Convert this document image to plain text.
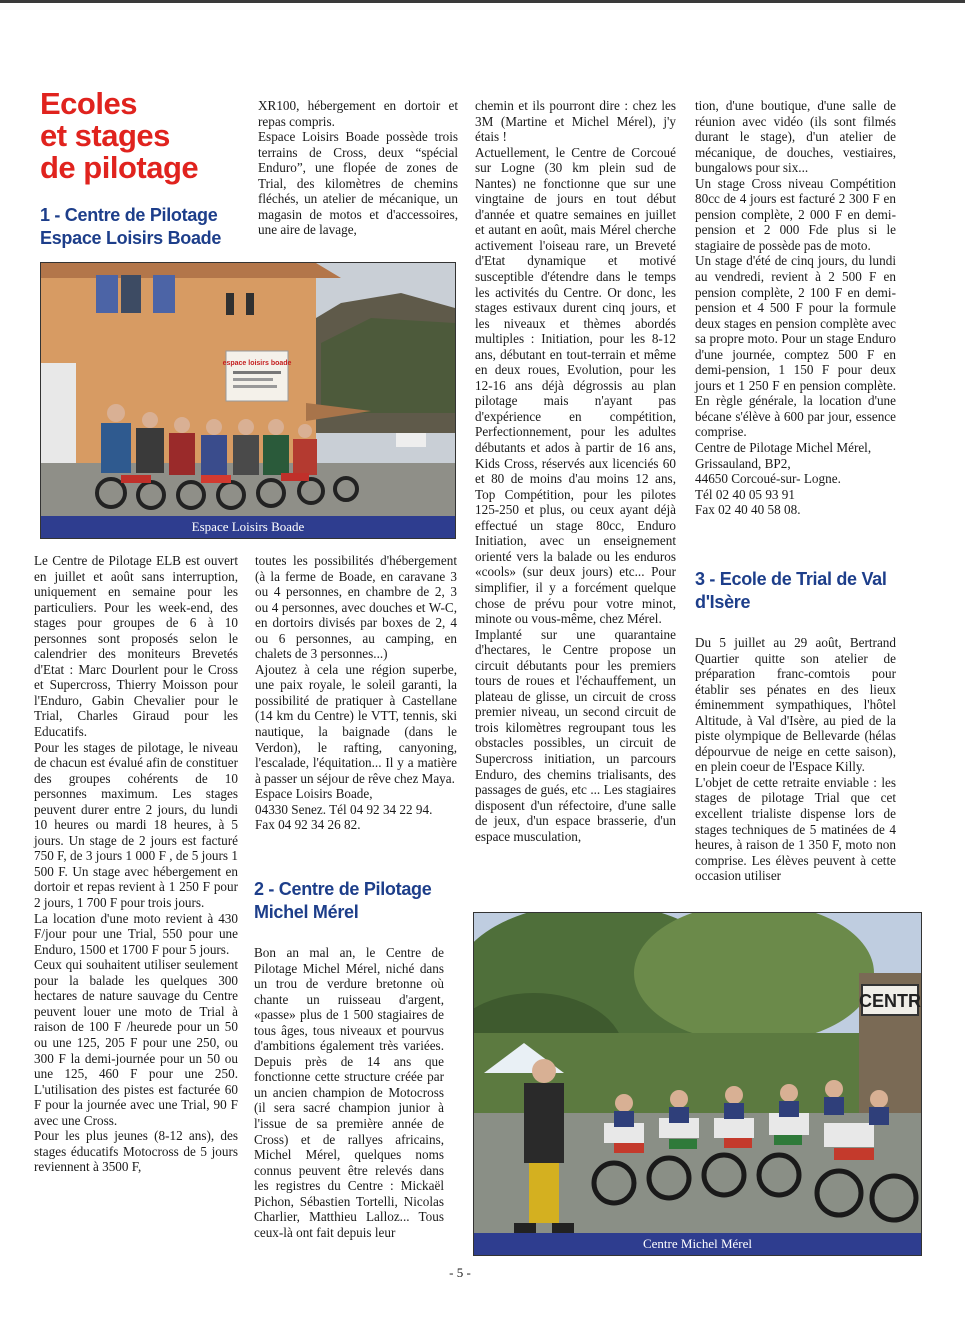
Ecoles
et stages
de pilotage
1 - Centre de Pilotage
Espace Loisirs Boade

XR100, hébergement en dortoir et repas compris.

Espace Loisirs Boade possède trois terrains de Cross, deux “spécial Enduro”, une flopée de zones de Trial, des kilomètres de chemins fléchés, un atelier de mécanique, un magasin de motos et d'accessoires, une aire de lavage,

espace loisirs boade
Espace Loisirs Boade

Le Centre de Pilotage ELB est ouvert en juillet et août sans interruption, uniquement en semaine pour les particuliers. Pour les week-end, des stages pour groupes de 6 à 10 personnes sont proposés selon le calendrier des moniteurs Brevetés d'Etat : Marc Dourlent pour le Cross et Supercross, Thierry Moisson pour l'Enduro, Gabin Chevalier pour le Trial, Charles Giraud pour les Educatifs.

Pour les stages de pilotage, le niveau de chacun est évalué afin de constituer des groupes cohérents de 10 personnes maximum. Les stages peuvent durer entre 2 jours, du lundi 10 heures ou mardi 18 heures, à 5 jours. Un stage de 2 jours est facturé 750 F, de 3 jours 1 000 F , de 5 jours 1 500 F. Un stage avec hébergement en dortoir et repas revient à 1 250 F pour 2 jours, 1 700 F pour trois jours.

La location d'une moto revient à 430 F/jour pour une Trial, 550 pour une Enduro, 1500 et 1700 F pour 5 jours.

Ceux qui souhaitent utiliser seulement pour la balade les quelques 300 hectares de nature sauvage du Centre peuvent louer une moto de Trial à raison de 100 F /heurede pour un 50 ou une 125, 205 F pour une 250, ou 300 F la demi-journée pour un 50 ou une 125, 460 F pour une 250. L'utilisation des pistes est facturée 60 F pour la journée avec une Trial, 90 F avec une Cross.

Pour les plus jeunes (8-12 ans), des stages éducatifs Motocross de 5 jours reviennent à 3500 F,

toutes les possibilités d'hébergement (à la ferme de Boade, en caravane 3 ou 4 personnes, en chambre de 2, 3 ou 4 personnes, avec douches et W-C, en dortoirs divisés par boxes de 2, 4 ou 6 personnes, au camping, en chalets de 3 personnes...)

Ajoutez à cela une région superbe, une paix royale, le soleil garanti, la possibilité de pratiquer à Castellane (14 km du Centre) le VTT, tennis, ski nautique, la baignade (dans le Verdon), le rafting, canyoning, l'escalade, l'équitation... Il y a matière à passer un séjour de rêve chez Maya.

Espace Loisirs Boade,

04330 Senez. Tél 04 92 34 22 94.

Fax 04 92 34 26 82.

2 - Centre de Pilotage
Michel Mérel

Bon an mal an, le Centre de Pilotage Michel Mérel, niché dans un trou de verdure bretonne où chante un ruisseau d'argent, «passe» plus de 1 500 stagiaires de tous âges, tous niveaux et pourvus d'ambitions également très variées. Depuis près de 14 ans que fonctionne cette structure créée par un ancien champion de Motocross (il sera sacré champion junior à l'issue de sa première année de Cross) et de rallyes africains, Michel Mérel, quelques noms connus peuvent être relevés dans les registres du Centre : Mickaël Pichon, Sébastien Tortelli, Nicolas Charlier, Matthieu Lalloz... Tous ceux-là ont fait depuis leur

chemin et ils pourront dire : chez les 3M (Martine et Michel Mérel), j'y étais !

Actuellement, le Centre de Corcoué sur Logne (30 km plein sud de Nantes) ne fonctionne que sur une vingtaine de jours en tout début d'année et quatre semaines en juillet et autant en août, mais Mérel cherche activement l'oiseau rare, un Breveté d'Etat dynamique et motivé susceptible d'étendre dans le temps les activités du Centre. Or donc, les stages estivaux durent cinq jours, et les niveaux et thèmes abordés multiples : Initiation, pour les 8-12 ans, débutant en tout-terrain et même en deux roues, Evolution, pour les 12-16 ans déjà dégrossis au plan pilotage mais n'ayant pas d'expérience en compétition, Perfectionnement, pour les adultes débutants et ados à partir de 16 ans, Kids Cross, réservés aux licenciés 60 et 80 de moins d'au moins 12 ans, Top Compétition, pour les pilotes 125-250 et plus, ou ceux ayant déjà effectué un stage 80cc, Enduro Initiation, avec un enseignement orienté vers la balade ou les enduros «cools» (sur deux jours) etc... Pour simplifier, il y a forcément quelque chose de prévu pour votre minot, minote ou vous-même, chez Mérel.

Implanté sur une quarantaine d'hectares, le Centre propose un circuit débutants pour les premiers tours de roues et l'échauffement, un plateau de glisse, un circuit de cross premier niveau, un second circuit de trois kilomètres regroupant tous les obstacles possibles, un circuit de Supercross initiation, un parcours Enduro, des chemins trialisants, des passages de gués, etc ... Les stagiaires disposent d'un réfectoire, d'une salle de jeux, d'un espace brasserie, d'un espace musculation,

tion, d'une boutique, d'une salle de réunion avec vidéo (ils sont filmés durant le stage), d'un atelier de mécanique, de douches, vestiaires, bungalows pour six...

Un stage Cross niveau Compétition 80cc de 4 jours est facturé 2 300 F en pension complète, 2 000 F en demi-pension et 2 000 Fde plus si le stagiaire de possède pas de moto.

Un stage d'été de cinq jours, du lundi au vendredi, revient à 2 500 F en pension complète, 2 100 F en demi-pension et 4 500 F pour la formule deux stages en pension complète avec sa propre moto. Pour un stage Enduro d'une journée, comptez 500 F en demi-pension, 1 150 F pour deux jours et 1 250 F en pension complète. En règle générale, la location d'une bécane s'élève à 600 par jour, essence comprise.

Centre de Pilotage Michel Mérel,

Grissauland, BP2,

44650 Corcoué-sur- Logne.

Tél 02 40 05 93 91

Fax 02 40 40 58 08.

3 - Ecole de Trial de Val
d'Isère

Du 5 juillet au 29 août, Bertrand Quartier quitte son atelier de préparation franc-comtois pour établir ses pénates en des lieux éminemment sympathiques, l'hôtel Altitude, à Val d'Isère, au pied de la piste olympique de Bellevarde (hélas dépourvue de neige en cette saison), en plein coeur de l'Espace Killy.

L'objet de cette retraite enviable : les stages de pilotage Trial que cet excellent trialiste dispense lors de stages techniques de 5 matinées de 4 heures, à raison de 1 350 F, moto non comprise. Les élèves peuvent à cette occasion utiliser

CENTR
Centre Michel Mérel
- 5 -
